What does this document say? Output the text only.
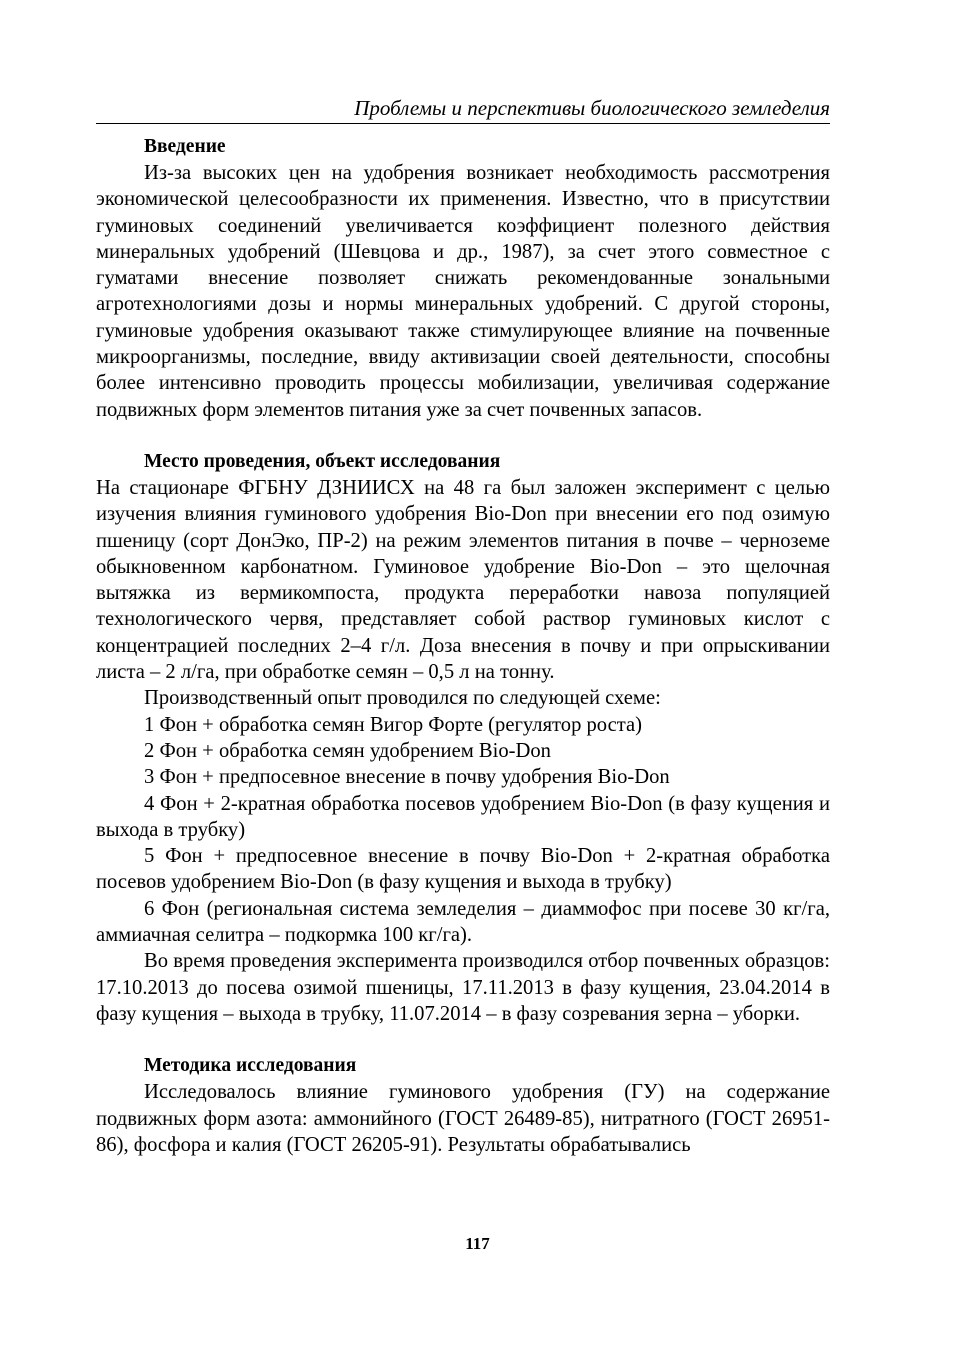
Проблемы и перспективы биологического земледелия
Введение

Из-за высоких цен на удобрения возникает необходимость рассмотрения экономической целесообразности их применения. Известно, что в присутствии гуминовых соединений увеличивается коэффициент полезного действия минеральных удобрений (Шевцова и др., 1987), за счет этого совместное с гуматами внесение позволяет снижать рекомендованные зональными агротехнологиями дозы и нормы минеральных удобрений. С другой стороны, гуминовые удобрения оказывают также стимулирующее влияние на почвенные микроорганизмы, последние, ввиду активизации своей деятельности, способны более интенсивно проводить процессы мобилизации, увеличивая содержание подвижных форм элементов питания уже за счет почвенных запасов.

Место проведения, объект исследования

На стационаре ФГБНУ ДЗНИИСХ на 48 га был заложен эксперимент с целью изучения влияния гуминового удобрения Bio-Don при внесении его под озимую пшеницу (сорт ДонЭко, ПР-2) на режим элементов питания в почве – черноземе обыкновенном карбонатном. Гуминовое удобрение Bio-Don – это щелочная вытяжка из вермикомпоста, продукта переработки навоза популяцией технологического червя, представляет собой раствор гуминовых кислот с концентрацией последних 2–4 г/л. Доза внесения в почву и при опрыскивании листа – 2 л/га, при обработке семян – 0,5 л на тонну.

Производственный опыт проводился по следующей схеме:

1 Фон + обработка семян Вигор Форте (регулятор роста)

2 Фон + обработка семян удобрением Bio-Don

3 Фон + предпосевное внесение в почву удобрения Bio-Don

4 Фон + 2-кратная обработка посевов удобрением Bio-Don (в фазу кущения и выхода в трубку)

5 Фон + предпосевное внесение в почву Bio-Don + 2-кратная обработка посевов удобрением Bio-Don (в фазу кущения и выхода в трубку)

6 Фон (региональная система земледелия – диаммофос при посеве 30 кг/га, аммиачная селитра – подкормка 100 кг/га).

Во время проведения эксперимента производился отбор почвенных образцов: 17.10.2013 до посева озимой пшеницы, 17.11.2013 в фазу кущения, 23.04.2014 в фазу кущения – выхода в трубку, 11.07.2014 – в фазу созревания зерна – уборки.

Методика исследования

Исследовалось влияние гуминового удобрения (ГУ) на содержание подвижных форм азота: аммонийного (ГОСТ 26489-85), нитратного (ГОСТ 26951-86), фосфора и калия (ГОСТ 26205-91). Результаты обрабатывались

117
